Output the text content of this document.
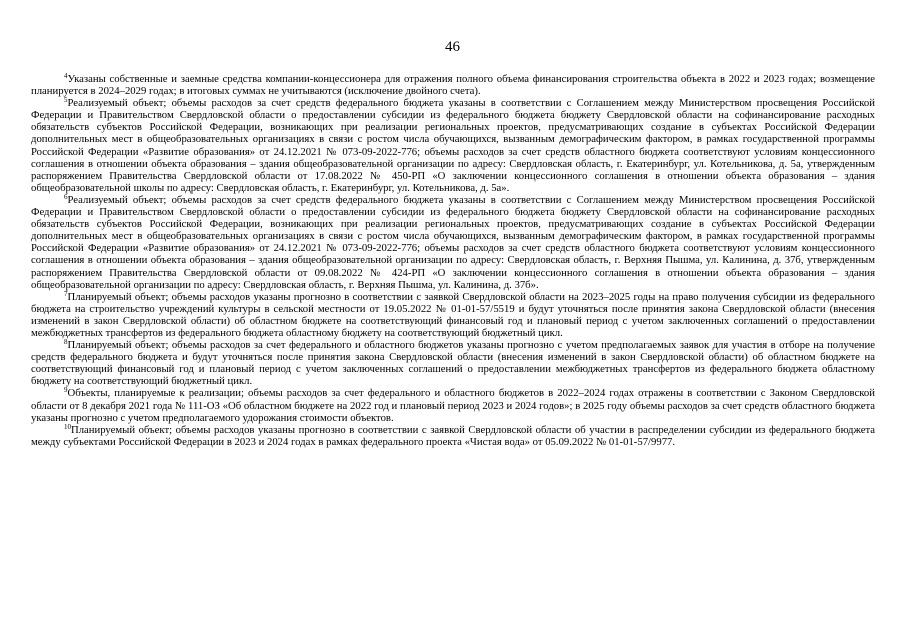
46

$^4$Указаны собственные и заемные средства компании-концессионера для отражения полного объема финансирования строительства объекта в 2022 и 2023 годах; возмещение планируется в 2024–2029 годах; в итоговых суммах не учитываются (исключение двойного счета).

$^5$Реализуемый объект; объемы расходов за счет средств федерального бюджета указаны в соответствии с Соглашением между Министерством просвещения Российской Федерации и Правительством Свердловской области о предоставлении субсидии из федерального бюджета бюджету Свердловской области на софинансирование расходных обязательств субъектов Российской Федерации, возникающих при реализации региональных проектов, предусматривающих создание в субъектах Российской Федерации дополнительных мест в общеобразовательных организациях в связи с ростом числа обучающихся, вызванным демографическим фактором, в рамках государственной программы Российской Федерации «Развитие образования» от 24.12.2021 № 073-09-2022-776; объемы расходов за счет средств областного бюджета соответствуют условиям концессионного соглашения в отношении объекта образования – здания общеобразовательной организации по адресу: Свердловская область, г. Екатеринбург, ул. Котельникова, д. 5а, утвержденным распоряжением Правительства Свердловской области от 17.08.2022 № 450-РП «О заключении концессионного соглашения в отношении объекта образования – здания общеобразовательной школы по адресу: Свердловская область, г. Екатеринбург, ул. Котельникова, д. 5а».

$^6$Реализуемый объект; объемы расходов за счет средств федерального бюджета указаны в соответствии с Соглашением между Министерством просвещения Российской Федерации и Правительством Свердловской области о предоставлении субсидии из федерального бюджета бюджету Свердловской области на софинансирование расходных обязательств субъектов Российской Федерации, возникающих при реализации региональных проектов, предусматривающих создание в субъектах Российской Федерации дополнительных мест в общеобразовательных организациях в связи с ростом числа обучающихся, вызванным демографическим фактором, в рамках государственной программы Российской Федерации «Развитие образования» от 24.12.2021 № 073-09-2022-776; объемы расходов за счет средств областного бюджета соответствуют условиям концессионного соглашения в отношении объекта образования – здания общеобразовательной организации по адресу: Свердловская область, г. Верхняя Пышма, ул. Калинина, д. 37б, утвержденным распоряжением Правительства Свердловской области от 09.08.2022 № 424-РП «О заключении концессионного соглашения в отношении объекта образования – здания общеобразовательной организации по адресу: Свердловская область, г. Верхняя Пышма, ул. Калинина, д. 37б».

$^7$Планируемый объект; объемы расходов указаны прогнозно в соответствии с заявкой Свердловской области на 2023–2025 годы на право получения субсидии из федерального бюджета на строительство учреждений культуры в сельской местности от 19.05.2022 № 01-01-57/5519 и будут уточняться после принятия закона Свердловской области (внесения изменений в закон Свердловской области) об областном бюджете на соответствующий финансовый год и плановый период с учетом заключенных соглашений о предоставлении межбюджетных трансфертов из федерального бюджета областному бюджету на соответствующий бюджетный цикл.

$^8$Планируемый объект; объемы расходов за счет федерального и областного бюджетов указаны прогнозно с учетом предполагаемых заявок для участия в отборе на получение средств федерального бюджета и будут уточняться после принятия закона Свердловской области (внесения изменений в закон Свердловской области) об областном бюджете на соответствующий финансовый год и плановый период с учетом заключенных соглашений о предоставлении межбюджетных трансфертов из федерального бюджета областному бюджету на соответствующий бюджетный цикл.

$^9$Объекты, планируемые к реализации; объемы расходов за счет федерального и областного бюджетов в 2022–2024 годах отражены в соответствии с Законом Свердловской области от 8 декабря 2021 года № 111-ОЗ «Об областном бюджете на 2022 год и плановый период 2023 и 2024 годов»; в 2025 году объемы расходов за счет средств областного бюджета указаны прогнозно с учетом предполагаемого удорожания стоимости объектов.

$^{10}$Планируемый объект; объемы расходов указаны прогнозно в соответствии с заявкой Свердловской области об участии в распределении субсидии из федерального бюджета между субъектами Российской Федерации в 2023 и 2024 годах в рамках федерального проекта «Чистая вода» от 05.09.2022 № 01-01-57/9977.
